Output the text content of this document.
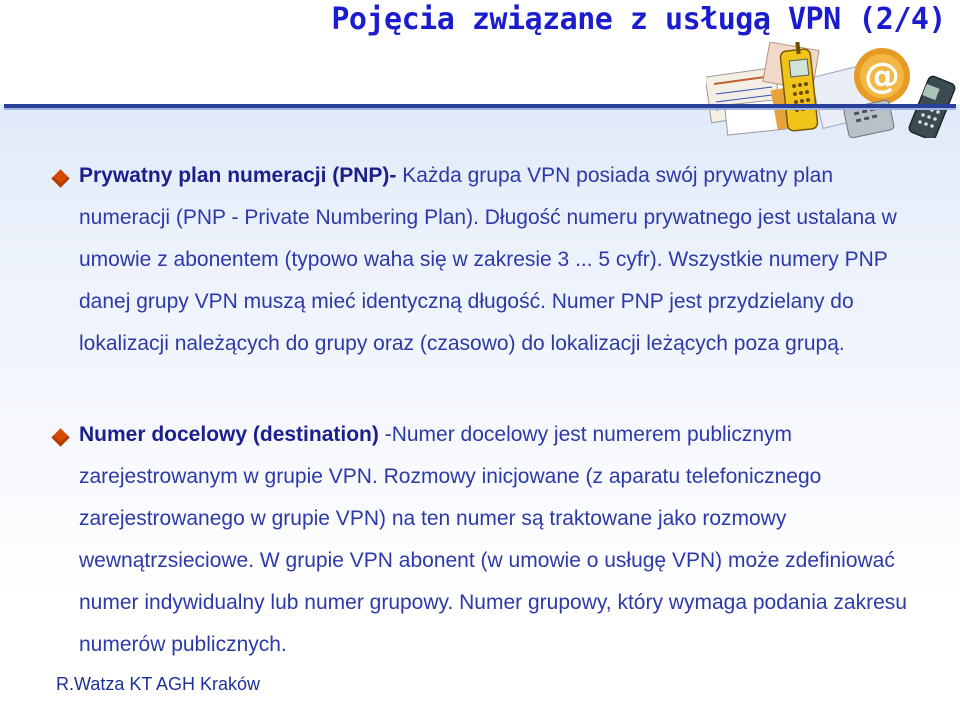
Pojęcia związane z usługą VPN (2/4)
@
Prywatny plan numeracji (PNP)- Każda grupa VPN posiada swój prywatny plan numeracji (PNP - Private Numbering Plan). Długość numeru prywatnego jest ustalana w umowie z abonentem (typowo waha się w zakresie 3 ... 5 cyfr). Wszystkie numery PNP danej grupy VPN muszą mieć identyczną długość. Numer PNP jest przydzielany do lokalizacji należących do grupy oraz (czasowo) do lokalizacji leżących poza grupą.
Numer docelowy (destination) -Numer docelowy jest numerem publicznym zarejestrowanym w grupie VPN. Rozmowy inicjowane (z aparatu telefonicznego zarejestrowanego w grupie VPN) na ten numer są traktowane jako rozmowy wewnątrzsieciowe. W grupie VPN abonent (w umowie o usługę VPN) może zdefiniować numer indywidualny lub numer grupowy. Numer grupowy, który wymaga podania zakresu numerów publicznych.
R.Watza KT AGH Kraków
